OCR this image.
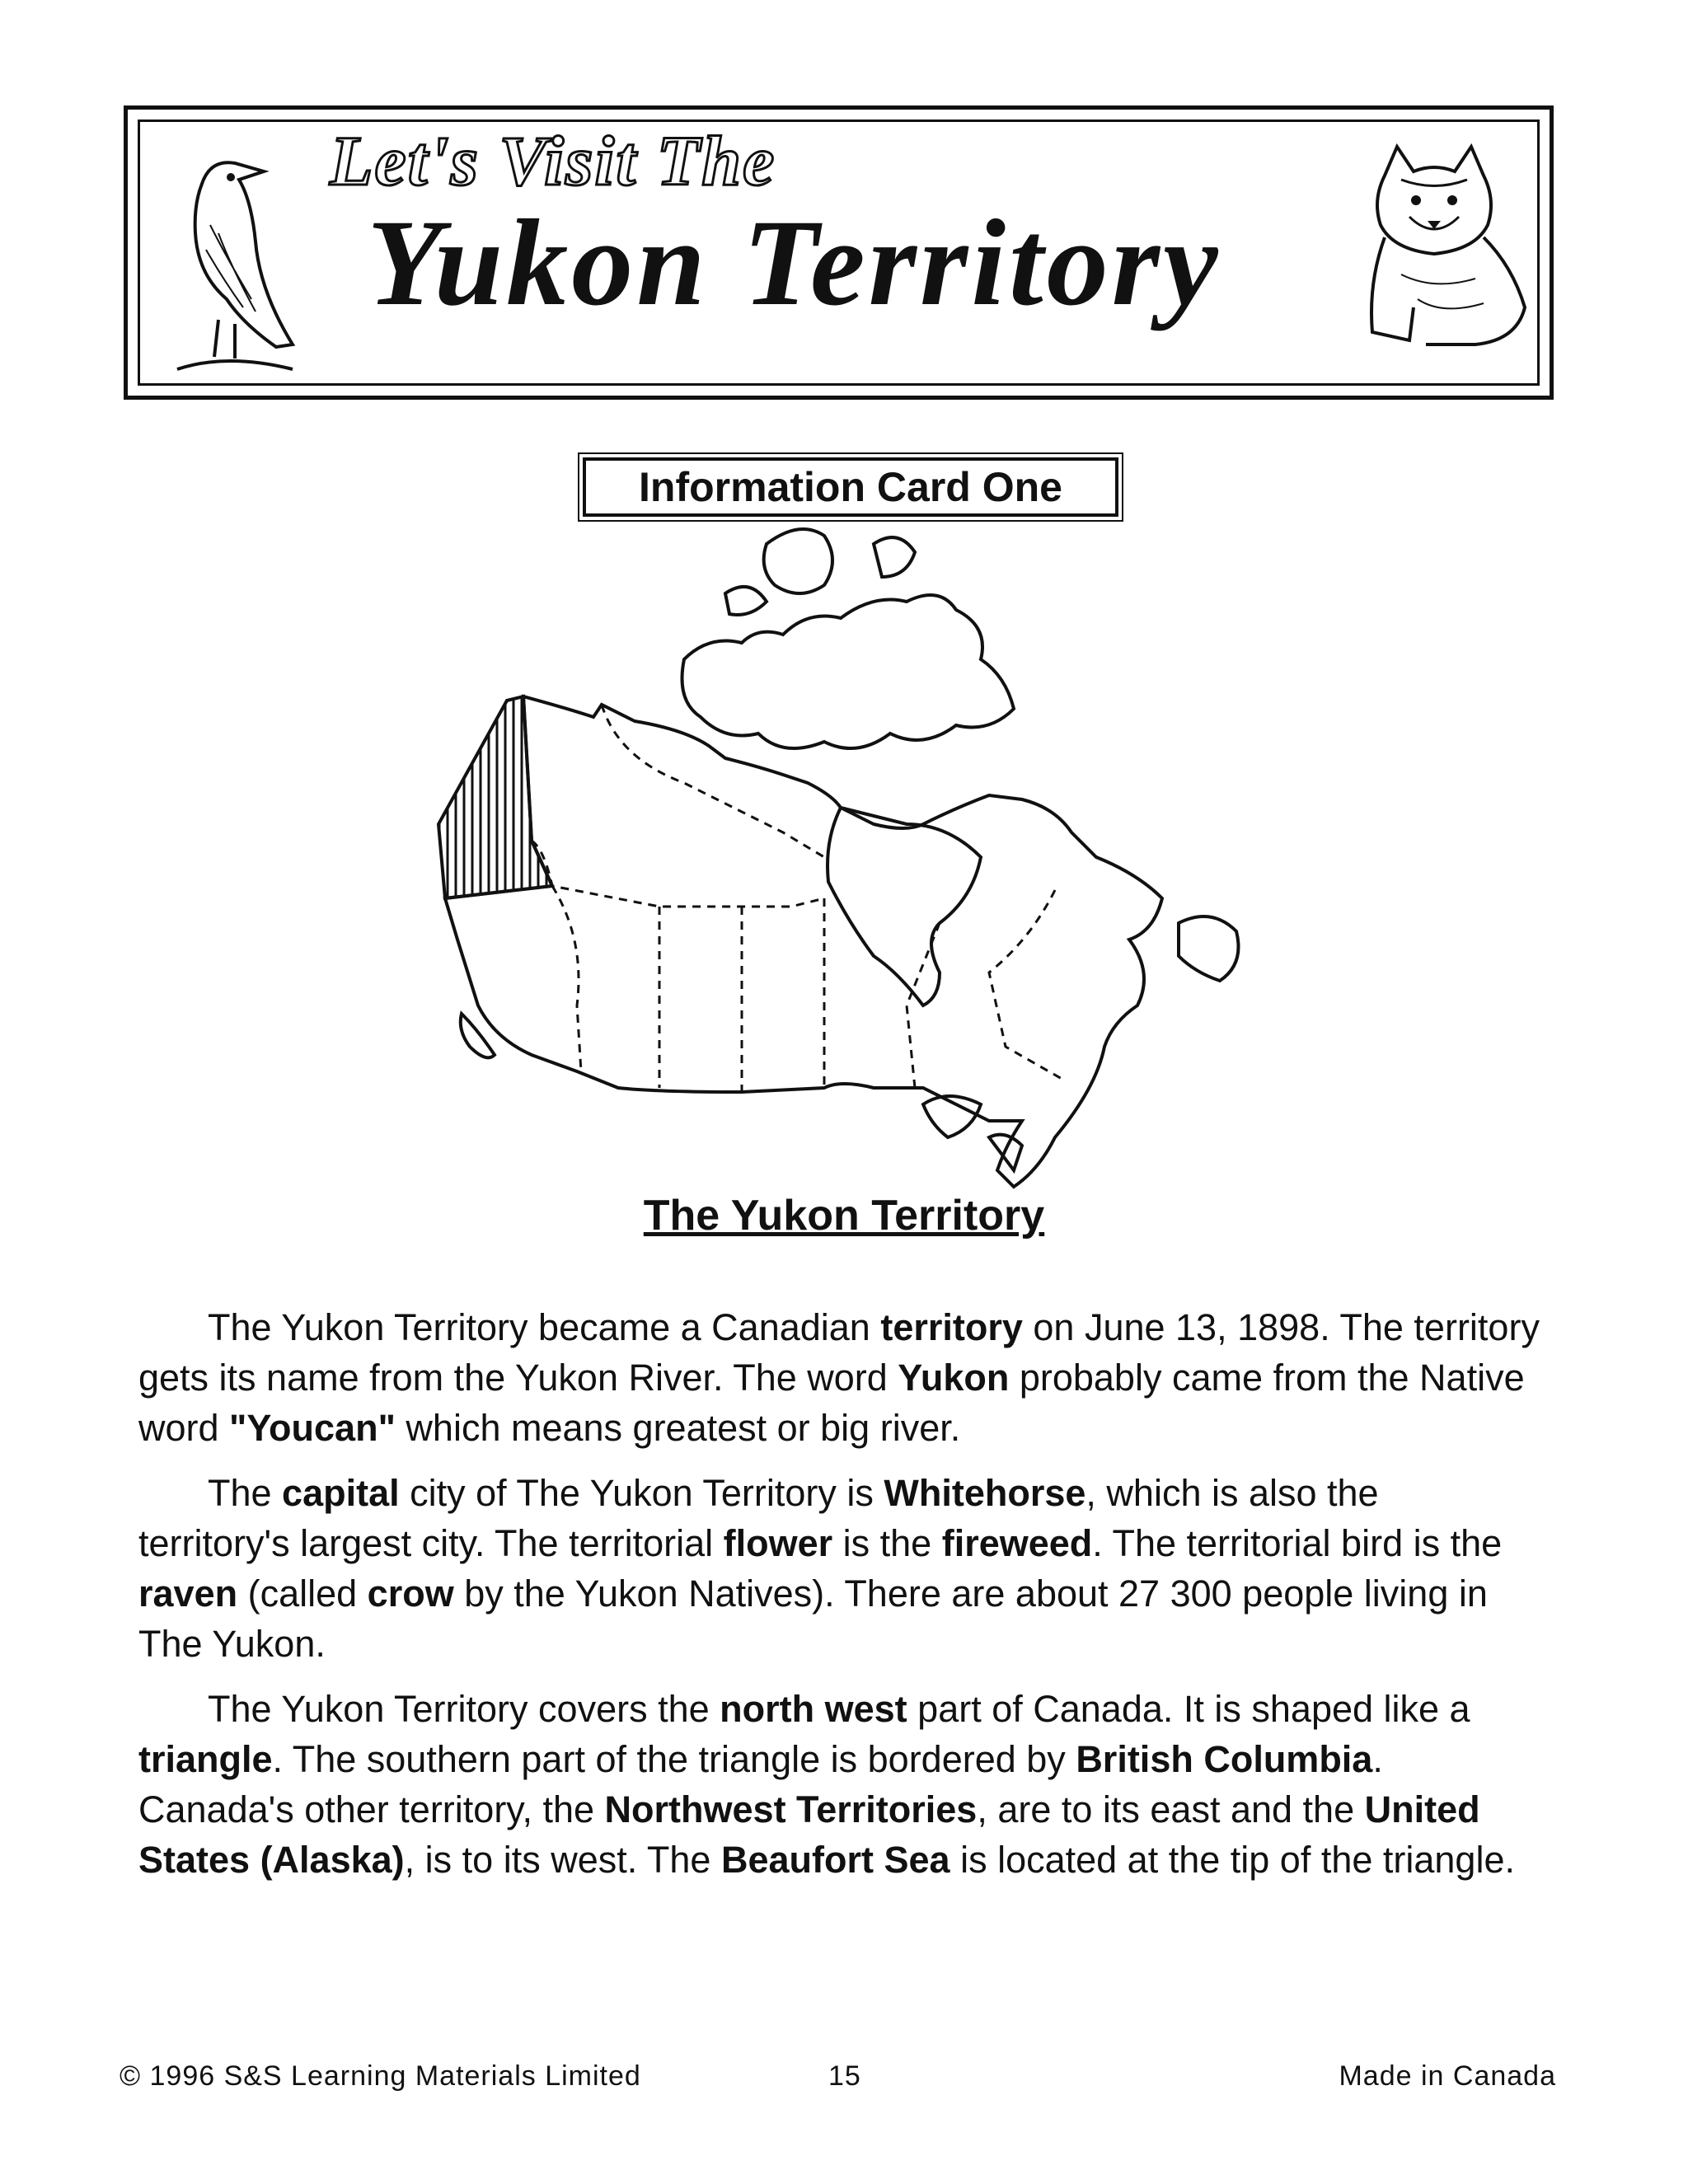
Let's Visit The
Yukon Territory
Information Card One
The Yukon Territory

The Yukon Territory became a Canadian territory on June 13, 1898. The territory gets its name from the Yukon River. The word Yukon probably came from the Native word "Youcan" which means greatest or big river.

The capital city of The Yukon Territory is Whitehorse, which is also the territory's largest city. The territorial flower is the fireweed. The territorial bird is the raven (called crow by the Yukon Natives). There are about 27 300 people living in The Yukon.

The Yukon Territory covers the north west part of Canada. It is shaped like a triangle. The southern part of the triangle is bordered by British Columbia. Canada's other territory, the Northwest Territories, are to its east and the United States (Alaska), is to its west. The Beaufort Sea is located at the tip of the triangle.

© 1996 S&S Learning Materials Limited	15	Made in Canada
